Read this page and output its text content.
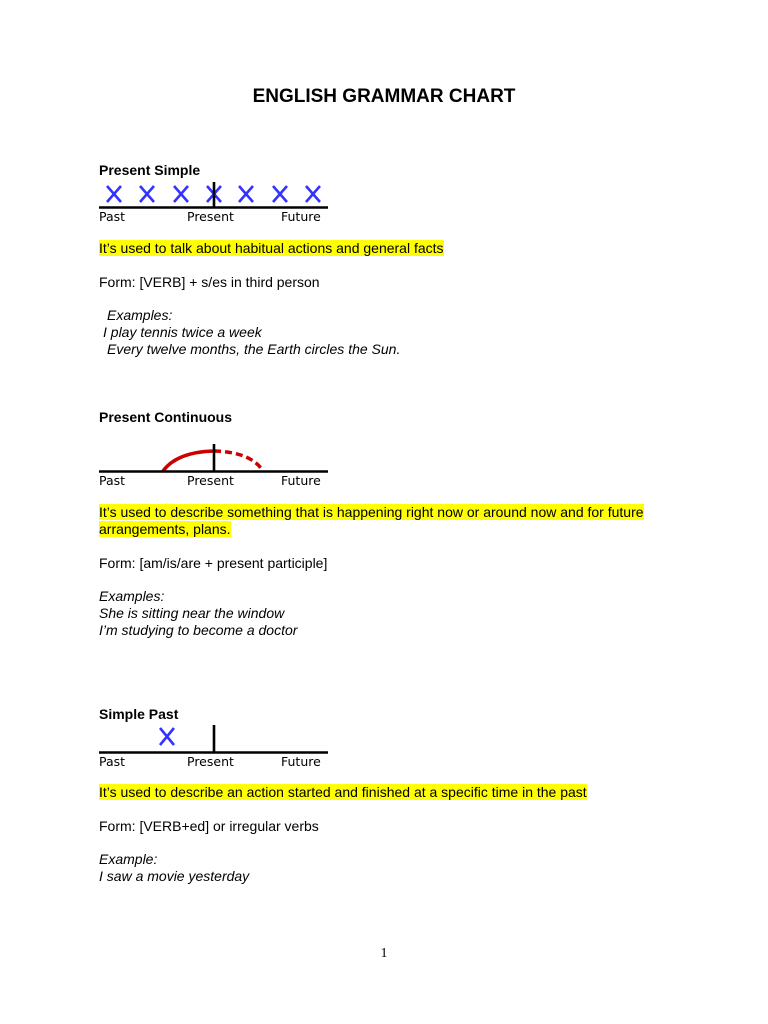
ENGLISH GRAMMAR CHART
Present Simple
Past	Present	Future
It’s used to talk about habitual actions and general facts
Form: [VERB] + s/es in third person
Examples:
I play tennis twice a week
Every twelve months, the Earth circles the Sun.
Present Continuous
Past	Present	Future
It’s used to describe something that is happening right now or around now and for future
arrangements, plans.
Form: [am/is/are + present participle]
Examples:
She is sitting near the window
I’m studying to become a doctor
Simple Past
Past	Present	Future
It’s used to describe an action started and finished at a specific time in the past
Form: [VERB+ed] or irregular verbs
Example:
I saw a movie yesterday
1
